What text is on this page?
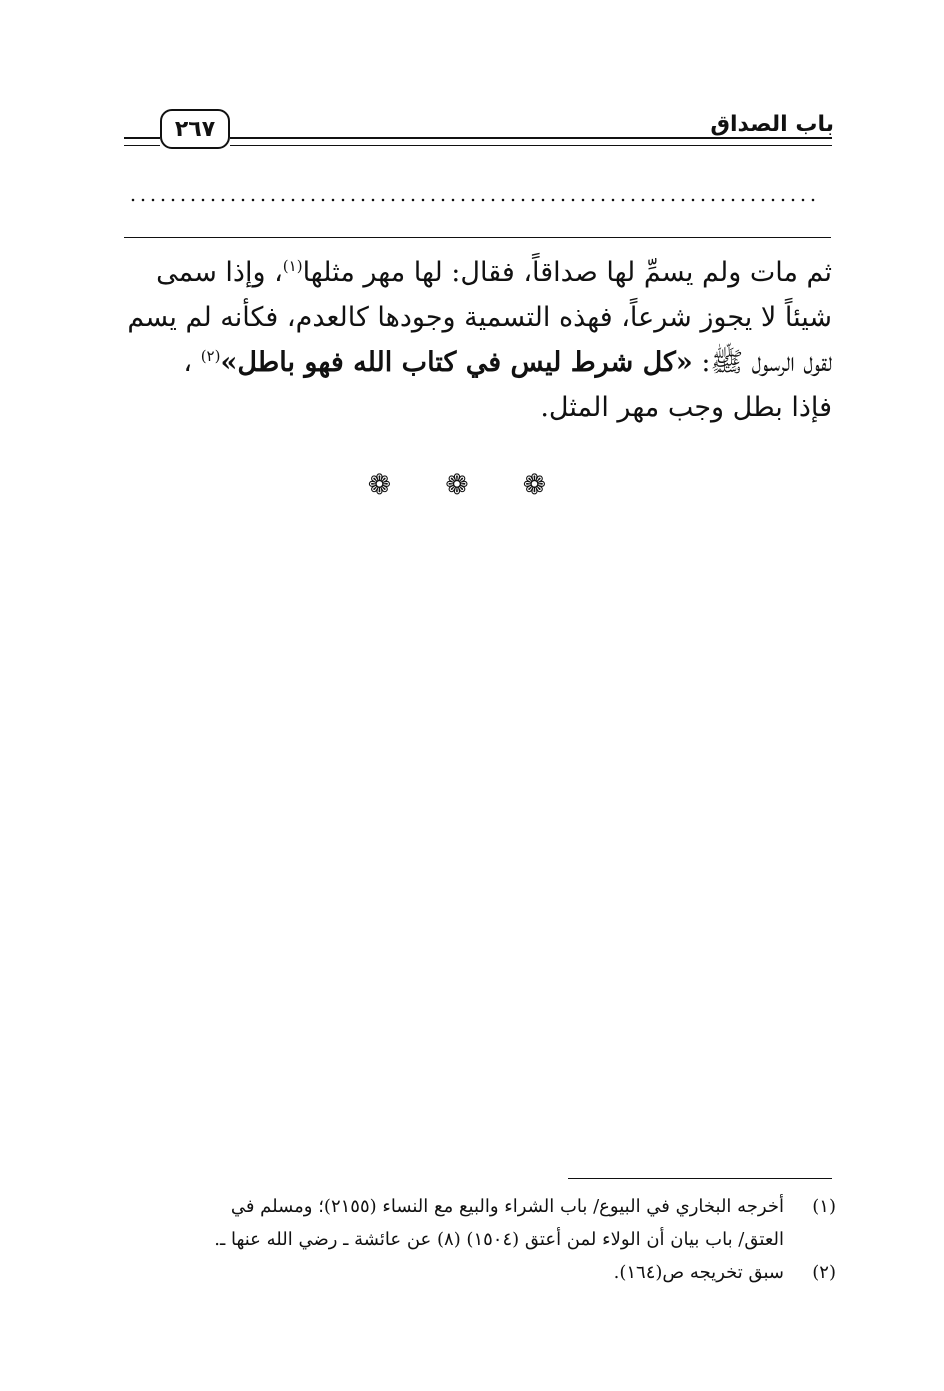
باب الصداق
٢٦٧
ثم مات ولم يسمِّ لها صداقاً، فقال: لها مهر مثلها$^{(١)}$، وإذا سمى
شيئاً لا يجوز شرعاً، فهذه التسمية وجودها كالعدم، فكأنه لم يسم
لقول الرسول ﷺ: «كل شرط ليس في كتاب الله فهو باطل»$^{(٢)}$ ،
فإذا بطل وجب مهر المثل.
❁ ❁ ❁
(١)
أخرجه البخاري في البيوع/ باب الشراء والبيع مع النساء (٢١٥٥)؛ ومسلم في
العتق/ باب بيان أن الولاء لمن أعتق (١٥٠٤) (٨) عن عائشة ـ رضي الله عنها ـ.
(٢)
سبق تخريجه ص(١٦٤).
